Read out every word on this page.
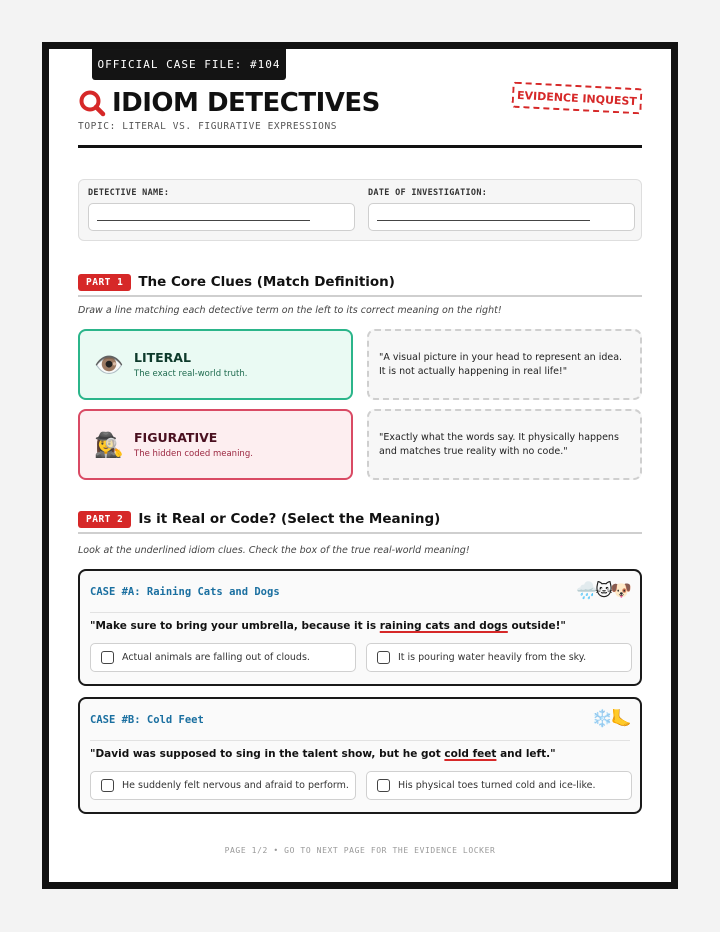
OFFICIAL CASE FILE: #104
IDIOM DETECTIVES	EVIDENCE INQUEST
TOPIC: LITERAL VS. FIGURATIVE EXPRESSIONS
DETECTIVE NAME:	DATE OF INVESTIGATION:
PART 1	The Core Clues (Match Definition)
Draw a line matching each detective term on the left to its correct meaning on the right!
👁️ LITERAL
The exact real-world truth.
"A visual picture in your head to represent an idea. It is not actually happening in real life!"
🕵️‍♀️ FIGURATIVE
The hidden coded meaning.
"Exactly what the words say. It physically happens and matches true reality with no code."
PART 2	Is it Real or Code? (Select the Meaning)
Look at the underlined idiom clues. Check the box of the true real-world meaning!
CASE #A: Raining Cats and Dogs	🌧️🐱🐶
"Make sure to bring your umbrella, because it is raining cats and dogs outside!"
Actual animals are falling out of clouds.	It is pouring water heavily from the sky.
CASE #B: Cold Feet	❄️🦶
"David was supposed to sing in the talent show, but he got cold feet and left."
He suddenly felt nervous and afraid to perform.	His physical toes turned cold and ice-like.
PAGE 1/2 • GO TO NEXT PAGE FOR THE EVIDENCE LOCKER
